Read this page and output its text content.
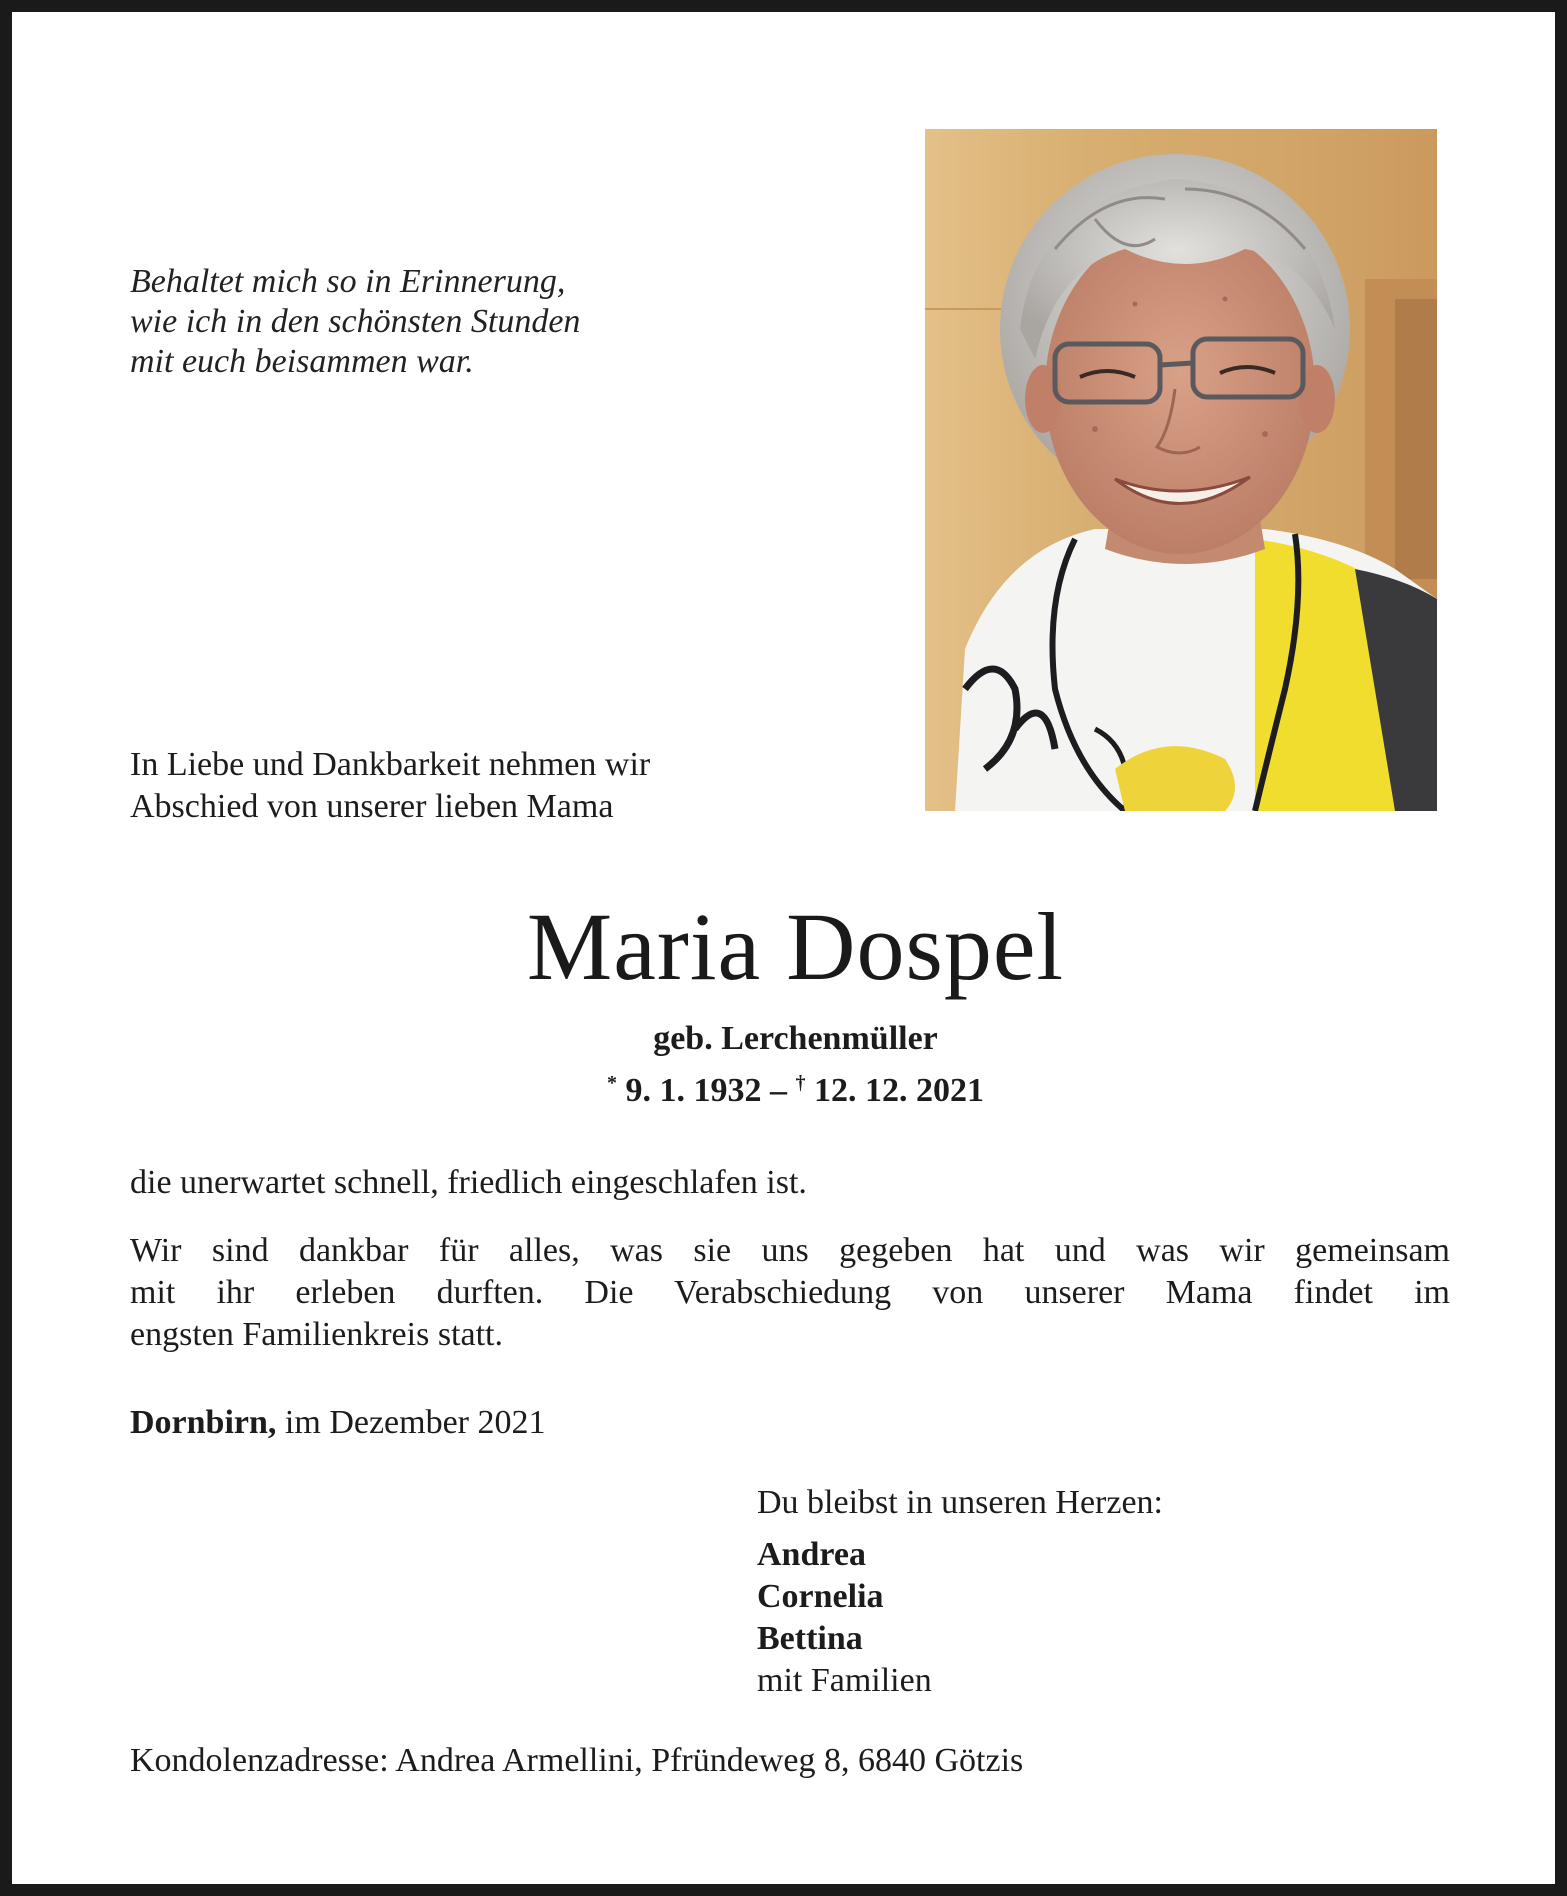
Behaltet mich so in Erinnerung,
wie ich in den schönsten Stunden
mit euch beisammen war.
In Liebe und Dankbarkeit nehmen wir
Abschied von unserer lieben Mama
Maria Dospel
geb. Lerchenmüller
* 9. 1. 1932 – † 12. 12. 2021
die unerwartet schnell, friedlich eingeschlafen ist.
Wir sind dankbar für alles, was sie uns gegeben hat und was wir gemeinsam
mit ihr erleben durften. Die Verabschiedung von unserer Mama findet im
engsten Familienkreis statt.
Dornbirn, im Dezember 2021
Du bleibst in unseren Herzen:
Andrea
Cornelia
Bettina
mit Familien
Kondolenzadresse: Andrea Armellini, Pfründeweg 8, 6840 Götzis
